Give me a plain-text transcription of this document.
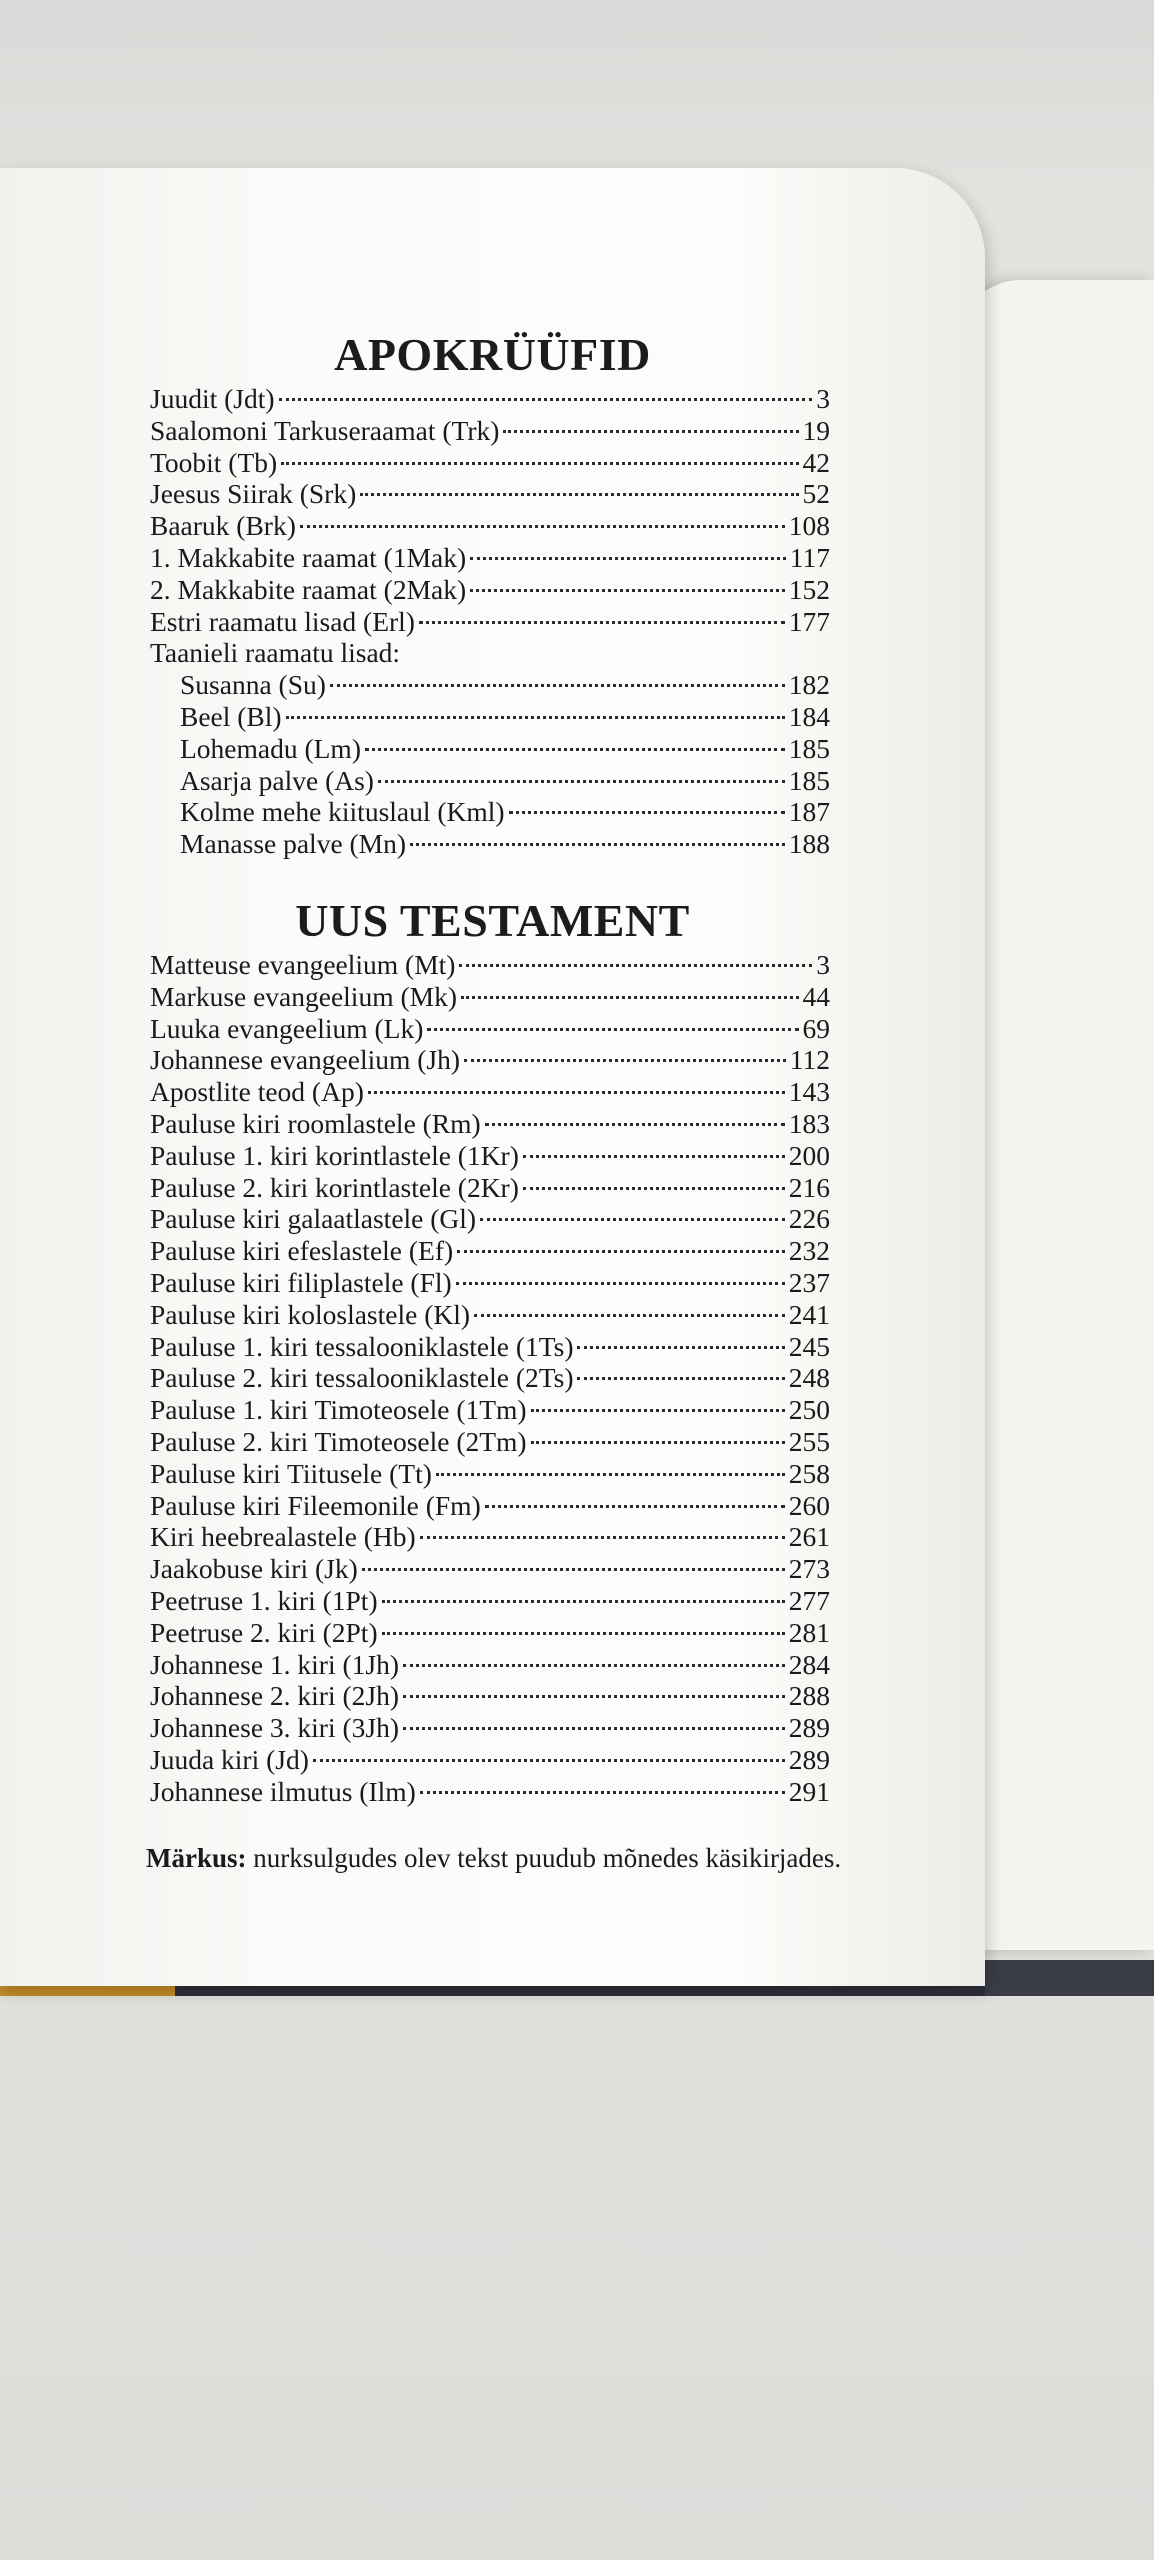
APOKRÜÜFID
Juudit (Jdt)	3
Saalomoni Tarkuseraamat (Trk)	19
Toobit (Tb)	42
Jeesus Siirak (Srk)	52
Baaruk (Brk)	108
1. Makkabite raamat (1Mak)	117
2. Makkabite raamat (2Mak)	152
Estri raamatu lisad (Erl)	177
Taanieli raamatu lisad:
Susanna (Su)	182
Beel (Bl)	184
Lohemadu (Lm)	185
Asarja palve (As)	185
Kolme mehe kiituslaul (Kml)	187
Manasse palve (Mn)	188
UUS TESTAMENT
Matteuse evangeelium (Mt)	3
Markuse evangeelium (Mk)	44
Luuka evangeelium (Lk)	69
Johannese evangeelium (Jh)	112
Apostlite teod (Ap)	143
Pauluse kiri roomlastele (Rm)	183
Pauluse 1. kiri korintlastele (1Kr)	200
Pauluse 2. kiri korintlastele (2Kr)	216
Pauluse kiri galaatlastele (Gl)	226
Pauluse kiri efeslastele (Ef)	232
Pauluse kiri filiplastele (Fl)	237
Pauluse kiri koloslastele (Kl)	241
Pauluse 1. kiri tessalooniklastele (1Ts)	245
Pauluse 2. kiri tessalooniklastele (2Ts)	248
Pauluse 1. kiri Timoteosele (1Tm)	250
Pauluse 2. kiri Timoteosele (2Tm)	255
Pauluse kiri Tiitusele (Tt)	258
Pauluse kiri Fileemonile (Fm)	260
Kiri heebrealastele (Hb)	261
Jaakobuse kiri (Jk)	273
Peetruse 1. kiri (1Pt)	277
Peetruse 2. kiri (2Pt)	281
Johannese 1. kiri (1Jh)	284
Johannese 2. kiri (2Jh)	288
Johannese 3. kiri (3Jh)	289
Juuda kiri (Jd)	289
Johannese ilmutus (Ilm)	291

Märkus: nurksulgudes olev tekst puudub mõnedes käsikirjades.
